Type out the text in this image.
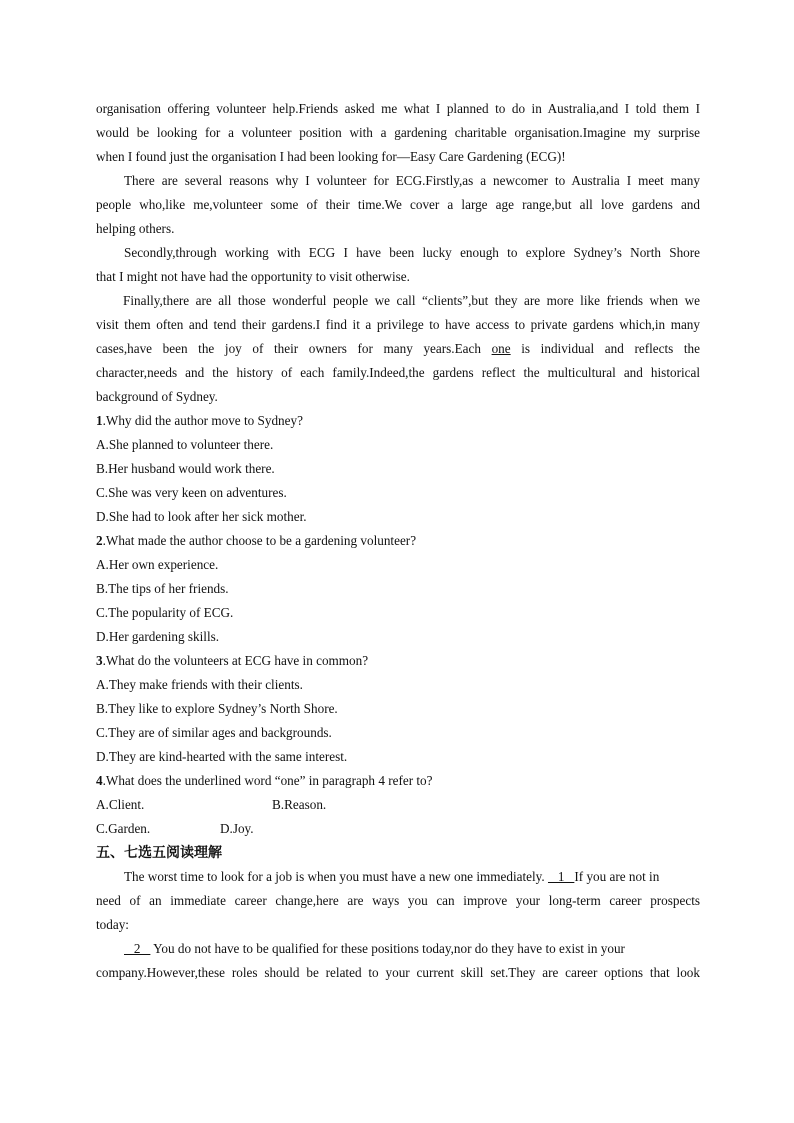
organisation offering volunteer help.Friends asked me what I planned to do in Australia,and I told them I
would be looking for a volunteer position with a gardening charitable organisation.Imagine my surprise
when I found just the organisation I had been looking for—Easy Care Gardening (ECG)!
There are several reasons why I volunteer for ECG.Firstly,as a newcomer to Australia I meet many
people who,like me,volunteer some of their time.We cover a large age range,but all love gardens and
helping others.
Secondly,through working with ECG I have been lucky enough to explore Sydney’s North Shore
that I might not have had the opportunity to visit otherwise.
Finally,there are all those wonderful people we call “clients”,but they are more like friends when we
visit them often and tend their gardens.I find it a privilege to have access to private gardens which,in many
cases,have been the joy of their owners for many years.Each one is individual and reflects the
character,needs and the history of each family.Indeed,the gardens reflect the multicultural and historical
background of Sydney.
1.Why did the author move to Sydney?
A.She planned to volunteer there.
B.Her husband would work there.
C.She was very keen on adventures.
D.She had to look after her sick mother.
2.What made the author choose to be a gardening volunteer?
A.Her own experience.
B.The tips of her friends.
C.The popularity of ECG.
D.Her gardening skills.
3.What do the volunteers at ECG have in common?
A.They make friends with their clients.
B.They like to explore Sydney’s North Shore.
C.They are of similar ages and backgrounds.
D.They are kind-hearted with the same interest.
4.What does the underlined word “one” in paragraph 4 refer to?
A.Client.	B.Reason.
C.Garden.	D.Joy.
五、七选五阅读理解
The worst time to look for a job is when you must have a new one immediately.    1   If you are not in
need of an immediate career change,here are ways you can improve your long-term career prospects
today:
2    You do not have to be qualified for these positions today,nor do they have to exist in your
company.However,these roles should be related to your current skill set.They are career options that look
